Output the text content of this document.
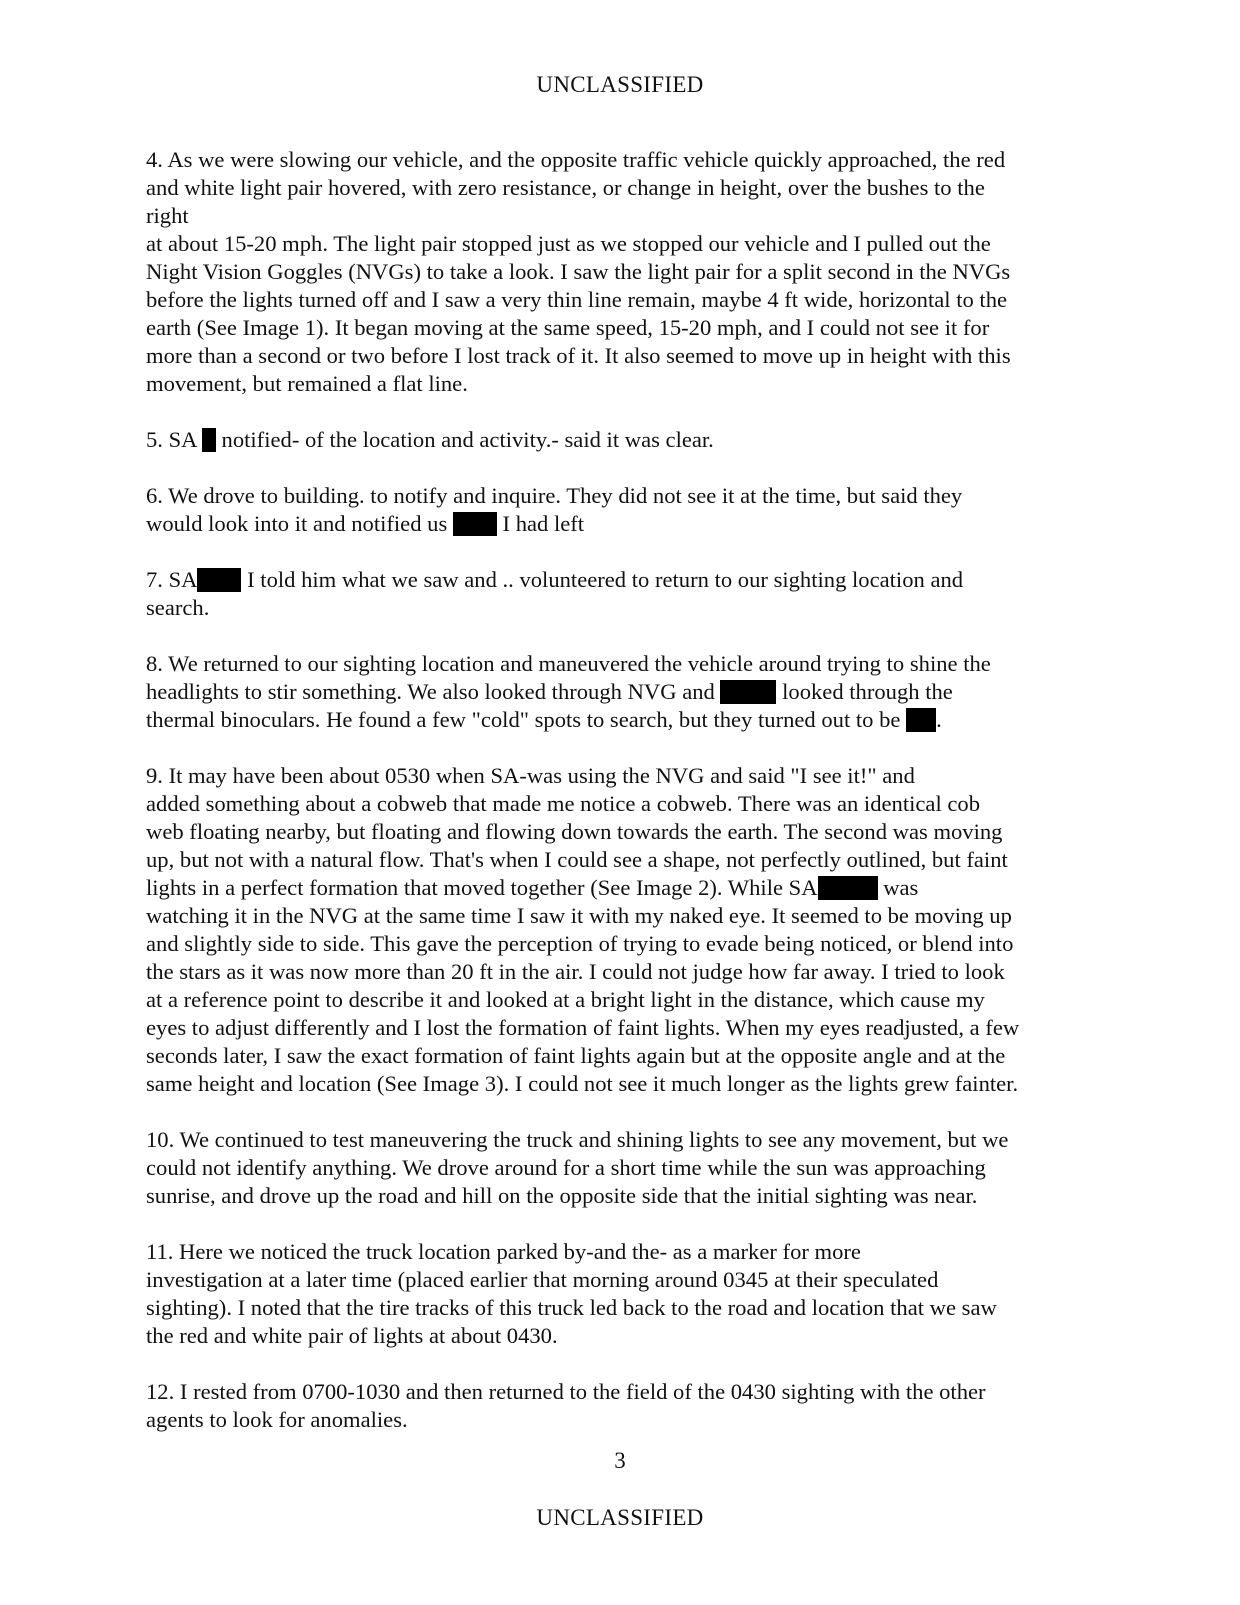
UNCLASSIFIED

4. As we were slowing our vehicle, and the opposite traffic vehicle quickly approached, the red
and white light pair hovered, with zero resistance, or change in height, over the bushes to the
right
at about 15-20 mph. The light pair stopped just as we stopped our vehicle and I pulled out the
Night Vision Goggles (NVGs) to take a look. I saw the light pair for a split second in the NVGs
before the lights turned off and I saw a very thin line remain, maybe 4 ft wide, horizontal to the
earth (See Image 1). It began moving at the same speed, 15-20 mph, and I could not see it for
more than a second or two before I lost track of it. It also seemed to move up in height with this
movement, but remained a flat line.

5. SA  notified- of the location and activity.- said it was clear.

6. We drove to building. to notify and inquire. They did not see it at the time, but said they
would look into it and notified us  I had left

7. SA I told him what we saw and .. volunteered to return to our sighting location and
search.

8. We returned to our sighting location and maneuvered the vehicle around trying to shine the
headlights to stir something. We also looked through NVG and  looked through the
thermal binoculars. He found a few "cold" spots to search, but they turned out to be .

9. It may have been about 0530 when SA-was using the NVG and said "I see it!" and
added something about a cobweb that made me notice a cobweb. There was an identical cob
web floating nearby, but floating and flowing down towards the earth. The second was moving
up, but not with a natural flow. That's when I could see a shape, not perfectly outlined, but faint
lights in a perfect formation that moved together (See Image 2). While SA	was
watching it in the NVG at the same time I saw it with my naked eye. It seemed to be moving up
and slightly side to side. This gave the perception of trying to evade being noticed, or blend into
the stars as it was now more than 20 ft in the air. I could not judge how far away. I tried to look
at a reference point to describe it and looked at a bright light in the distance, which cause my
eyes to adjust differently and I lost the formation of faint lights. When my eyes readjusted, a few
seconds later, I saw the exact formation of faint lights again but at the opposite angle and at the
same height and location (See Image 3). I could not see it much longer as the lights grew fainter.

10. We continued to test maneuvering the truck and shining lights to see any movement, but we
could not identify anything. We drove around for a short time while the sun was approaching
sunrise, and drove up the road and hill on the opposite side that the initial sighting was near.

11. Here we noticed the truck location parked by-and the- as a marker for more
investigation at a later time (placed earlier that morning around 0345 at their speculated
sighting). I noted that the tire tracks of this truck led back to the road and location that we saw
the red and white pair of lights at about 0430.

12. I rested from 0700-1030 and then returned to the field of the 0430 sighting with the other
agents to look for anomalies.

3
UNCLASSIFIED
